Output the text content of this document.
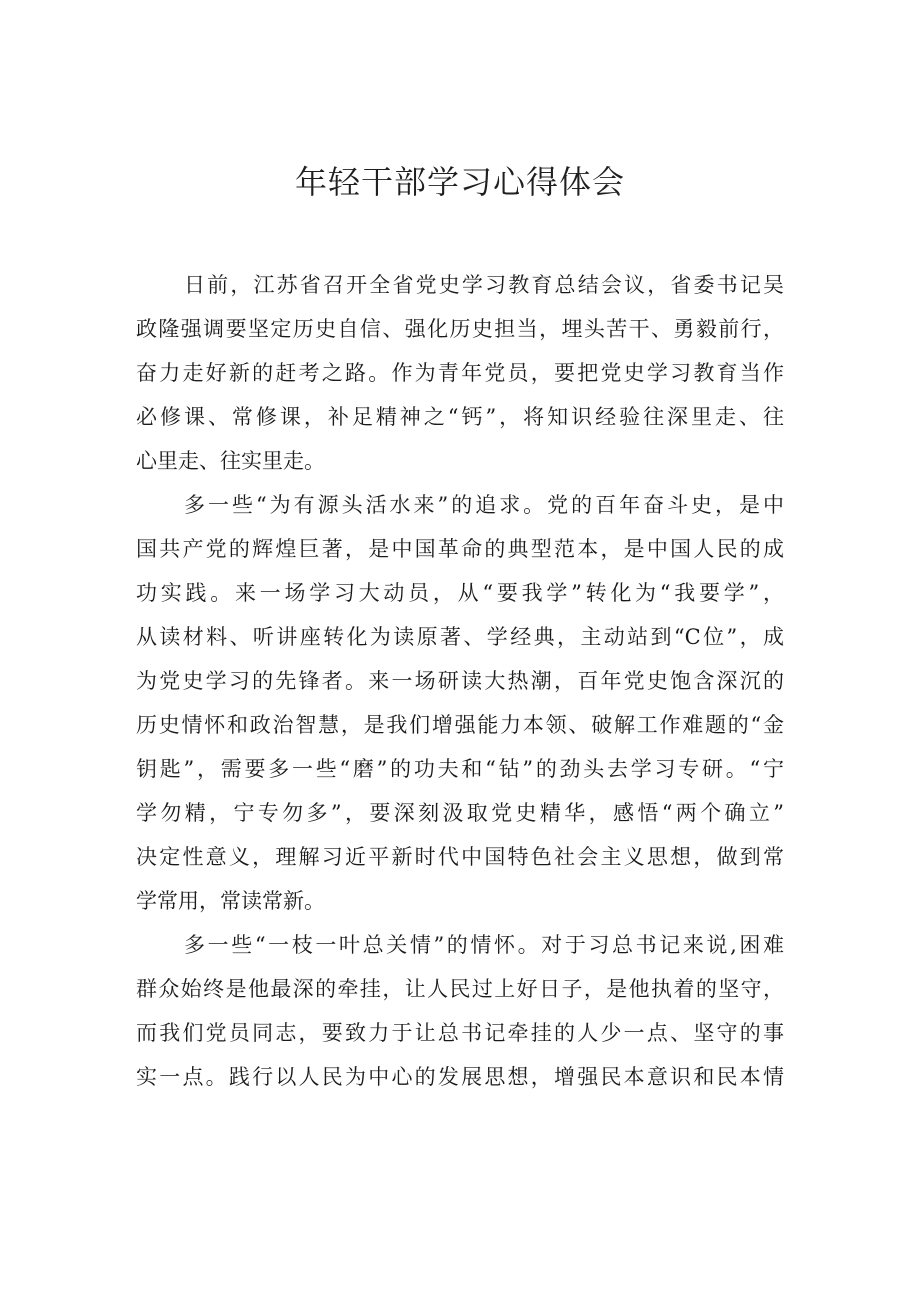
年轻干部学习心得体会
日前，江苏省召开全省党史学习教育总结会议，省委书记吴
政隆强调要坚定历史自信、强化历史担当，埋头苦干、勇毅前行，
奋力走好新的赶考之路。作为青年党员，要把党史学习教育当作
必修课、常修课，补足精神之“钙”，将知识经验往深里走、往
心里走、往实里走。
多一些“为有源头活水来”的追求。党的百年奋斗史，是中
国共产党的辉煌巨著，是中国革命的典型范本，是中国人民的成
功实践。来一场学习大动员，从“要我学”转化为“我要学”，
从读材料、听讲座转化为读原著、学经典，主动站到“C位”，成
为党史学习的先锋者。来一场研读大热潮，百年党史饱含深沉的
历史情怀和政治智慧，是我们增强能力本领、破解工作难题的“金
钥匙”，需要多一些“磨”的功夫和“钻”的劲头去学习专研。“宁
学勿精，宁专勿多”，要深刻汲取党史精华，感悟“两个确立”
决定性意义，理解习近平新时代中国特色社会主义思想，做到常
学常用，常读常新。
多一些“一枝一叶总关情”的情怀。对于习总书记来说,困难
群众始终是他最深的牵挂，让人民过上好日子，是他执着的坚守，
而我们党员同志，要致力于让总书记牵挂的人少一点、坚守的事
实一点。践行以人民为中心的发展思想，增强民本意识和民本情
